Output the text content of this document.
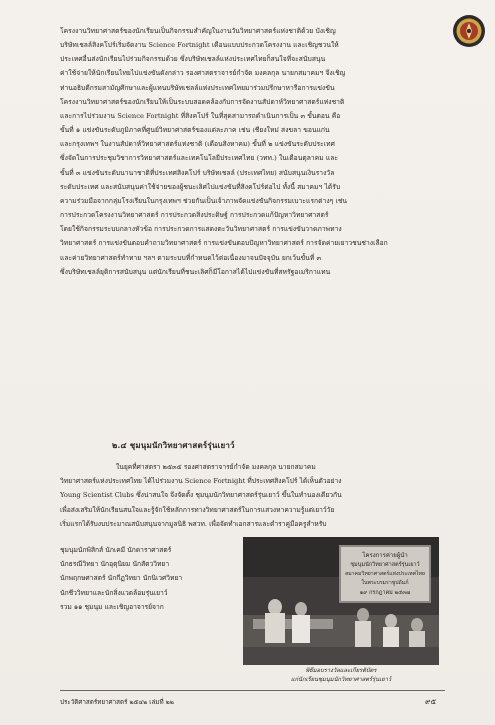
โครงงานวิทยาศาสตร์ของนักเรียนเป็นกิจกรรมสำคัญในงานวันวิทยาศาสตร์แห่งชาติด้วย บังเชิญ
บริษัทเชลล์สิงคโปร์เริ่มจัดงาน Science Fortnight เดือนแบบประกวดโครงงาน และเชิญชวนให้
ประเทศอื่นส่งนักเรียนไปร่วมกิจกรรมด้วย ซึ่งบริษัทเชลล์แห่งประเทศไทยก็สนใจที่จะสนับสนุน
ค่าใช้จ่ายให้นักเรียนไทยไปแข่งขันดังกล่าว รองศาสตราจารย์กำจัด มงคลกุล นายกสมาคมฯ จึงเชิญ
ท่านอธิบดีกรมสามัญศึกษาและผู้แทนบริษัทเชลล์แห่งประเทศไทยมาร่วมปรึกษาหารือการแข่งขัน
โครงงานวิทยาศาสตร์ของนักเรียนให้เป็นระบบสอดคล้องกับการจัดงานสัปดาห์วิทยาศาสตร์แห่งชาติ
และการไปร่วมงาน Science Fortnight ที่สิงคโปร์ ในที่สุดสามารถดำเนินการเป็น ๓ ขั้นตอน คือ
ขั้นที่ ๑ แข่งขันระดับภูมิภาคที่ศูนย์วิทยาศาสตร์ของแต่ละภาค เช่น เชียงใหม่ สงขลา ขอนแก่น
และกรุงเทพฯ ในงานสัปดาห์วิทยาศาสตร์แห่งชาติ (เดือนสิงหาคม) ขั้นที่ ๒ แข่งขันระดับประเทศ
ซึ่งจัดในการประชุมวิชาการวิทยาศาสตร์และเทคโนโลยีประเทศไทย (วทท.) ในเดือนตุลาคม และ
ขั้นที่ ๓ แข่งขันระดับนานาชาติที่ประเทศสิงคโปร์ บริษัทเชลล์ (ประเทศไทย) สนับสนุนเงินรางวัล
ระดับประเทศ และสนับสนุนค่าใช้จ่ายของผู้ชนะเลิศไปแข่งขันที่สิงคโปร์ต่อไป ทั้งนี้ สมาคมฯ ได้รับ
ความร่วมมือจากกลุ่มโรงเรียนในกรุงเทพฯ ช่วยกันเป็นเจ้าภาพจัดแข่งขันกิจกรรมเบาะแรกต่างๆ เช่น
การประกวดโครงงานวิทยาศาสตร์ การประกวดสิ่งประดิษฐ์ การประกวดแก้ปัญหาวิทยาศาสตร์
โดยใช้กิจกรรมระบบกลางหัวข้อ การประกวดการแสดงตะวันวิทยาศาสตร์ การแข่งขันวาดภาพทาง
วิทยาศาสตร์ การแข่งขันตอบคำถามวิทยาศาสตร์ การแข่งขันตอบปัญหาวิทยาศาสตร์ การจัดค่ายเยาวชนช่างเลือก
และค่ายวิทยาศาสตร์ทำทาย ฯลฯ ตามระบบที่กำหนดไว้ต่อเนื่องมาจนปัจจุบัน ยกเว้นขั้นที่ ๓
ซึ่งบริษัทเชลล์ยุติการสนับสนุน แต่นักเรียนที่ชนะเลิศก็มีโอกาสได้ไปแข่งขันที่สหรัฐอเมริกาแทน
๒.๔ ชุมนุมนักวิทยาศาสตร์รุ่นเยาว์
ในยุคที่ศาสตรา ๒๕๓๕ รองศาสตราจารย์กำจัด มงคลกุล นายกสมาคม
วิทยาศาสตร์แห่งประเทศไทย ได้ไปร่วมงาน Science Fortnight ที่ประเทศสิงคโปร์ ได้เห็นตัวอย่าง
Young Scientist Clubs ซึ่งน่าสนใจ จึงจัดตั้ง ชุมนุมนักวิทยาศาสตร์รุ่นเยาว์ ขึ้นในทำนองเดียวกัน
เพื่อส่งเสริมให้นักเรียนสนใจและรู้จักใช้หลักการทางวิทยาศาสตร์ในการแสวงหาความรู้แต่เยาว์วัย
เริ่มแรกได้รับงบประมาณสนับสนุนจากมูลนิธิ พสวท. เพื่อจัดทำเอกสารและตำราคู่มือครูสำหรับ
ชุมนุมนักพิสิกส์ นักเคมี นักดาราศาสตร์
นักธรณีวิทยา นักอุตุนิยม นักสัตววิทยา
นักพฤกษศาสตร์ นักกีฏวิทยา นักนิเวศวิทยา
นักชีววิทยาและนักสิ่งแวดล้อมรุ่นเยาว์
รวม ๑๑ ชุมนุม และเชิญอาจารย์จาก
โครงการค่ายผู้นำ
ชุมนุมนักวิทยาศาสตร์รุ่นเยาว์
สมาคมวิทยาศาสตร์แห่งประเทศไทย
ในพระบรมราชูปถัมภ์
๑๙ กรกฎาคม ๒๕๓๗
พิธีมอบรางวัลและเกียรติบัตร
แก่นักเรียนชุมนุมนักวิทยาศาสตร์รุ่นเยาว์
ประวัติศาสตร์ทยาศาสตร์ ๒๕๔๒ เล่มที่ ๒๒	๙๕
